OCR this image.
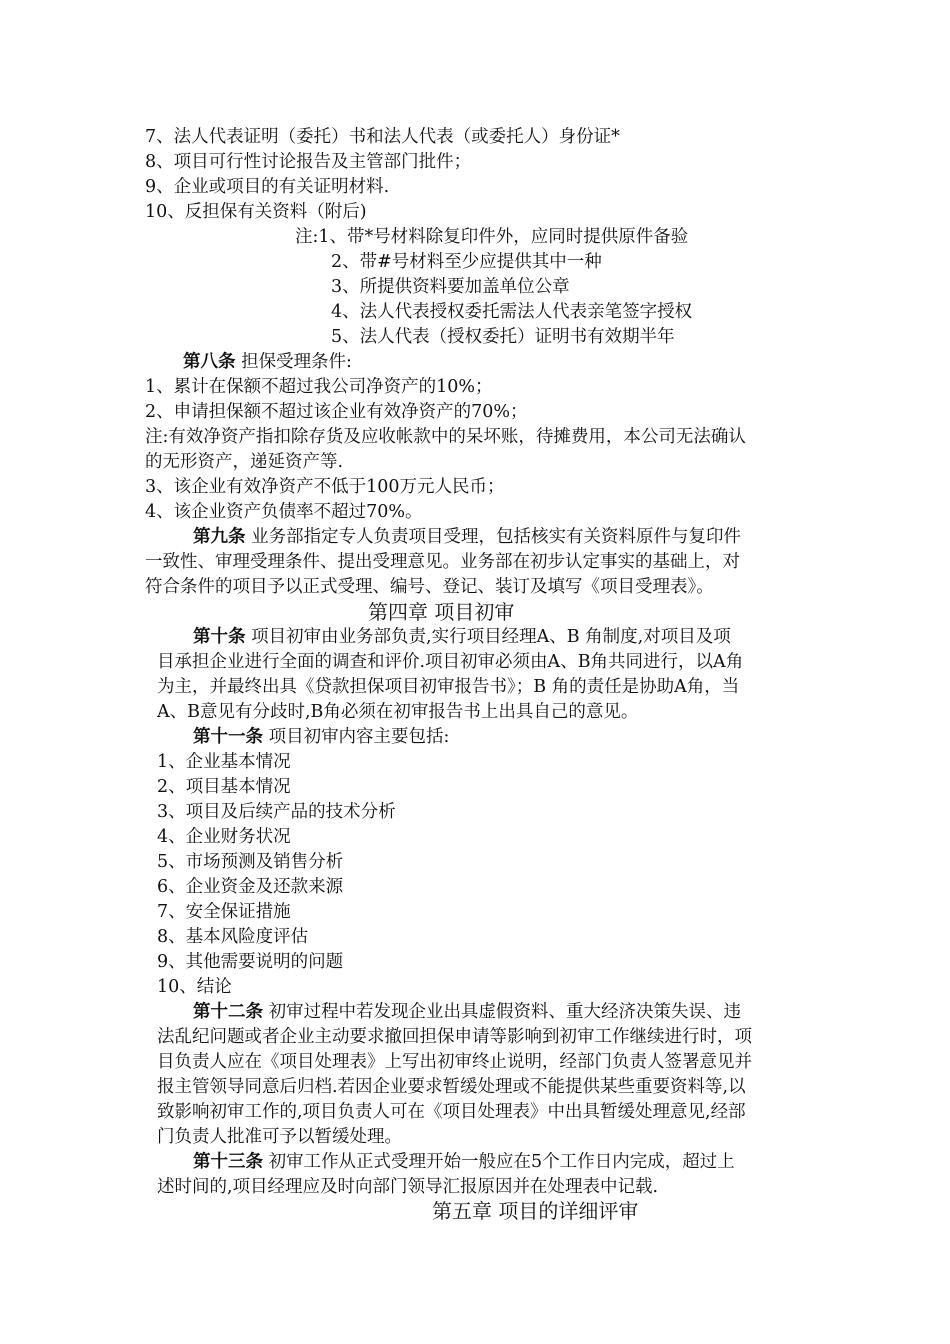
7、法人代表证明（委托）书和法人代表（或委托人）身份证*
8、项目可行性讨论报告及主管部门批件；
9、企业或项目的有关证明材料.
10、反担保有关资料（附后)
注:1、带*号材料除复印件外，应同时提供原件备验
2、带#号材料至少应提供其中一种
3、所提供资料要加盖单位公章
4、法人代表授权委托需法人代表亲笔签字授权
5、法人代表（授权委托）证明书有效期半年
第八条 担保受理条件:
1、累计在保额不超过我公司净资产的10%；
2、申请担保额不超过该企业有效净资产的70%；
注:有效净资产指扣除存货及应收帐款中的呆坏账，待摊费用，本公司无法确认
的无形资产，递延资产等.
3、该企业有效净资产不低于100万元人民币；
4、该企业资产负债率不超过70%。
第九条 业务部指定专人负责项目受理，包括核实有关资料原件与复印件
一致性、审理受理条件、提出受理意见。业务部在初步认定事实的基础上，对
符合条件的项目予以正式受理、编号、登记、装订及填写《项目受理表》。
第四章 项目初审
第十条 项目初审由业务部负责,实行项目经理A、B 角制度,对项目及项
目承担企业进行全面的调查和评价.项目初审必须由A、B角共同进行，以A角
为主，并最终出具《贷款担保项目初审报告书》；B 角的责任是协助A角，当
A、B意见有分歧时,B角必须在初审报告书上出具自己的意见。
第十一条 项目初审内容主要包括:
1、企业基本情况
2、项目基本情况
3、项目及后续产品的技术分析
4、企业财务状况
5、市场预测及销售分析
6、企业资金及还款来源
7、安全保证措施
8、基本风险度评估
9、其他需要说明的问题
10、结论
第十二条 初审过程中若发现企业出具虚假资料、重大经济决策失误、违
法乱纪问题或者企业主动要求撤回担保申请等影响到初审工作继续进行时，项
目负责人应在《项目处理表》上写出初审终止说明，经部门负责人签署意见并
报主管领导同意后归档.若因企业要求暂缓处理或不能提供某些重要资料等,以
致影响初审工作的,项目负责人可在《项目处理表》中出具暂缓处理意见,经部
门负责人批准可予以暂缓处理。
第十三条 初审工作从正式受理开始一般应在5个工作日内完成，超过上
述时间的,项目经理应及时向部门领导汇报原因并在处理表中记载.
第五章 项目的详细评审
